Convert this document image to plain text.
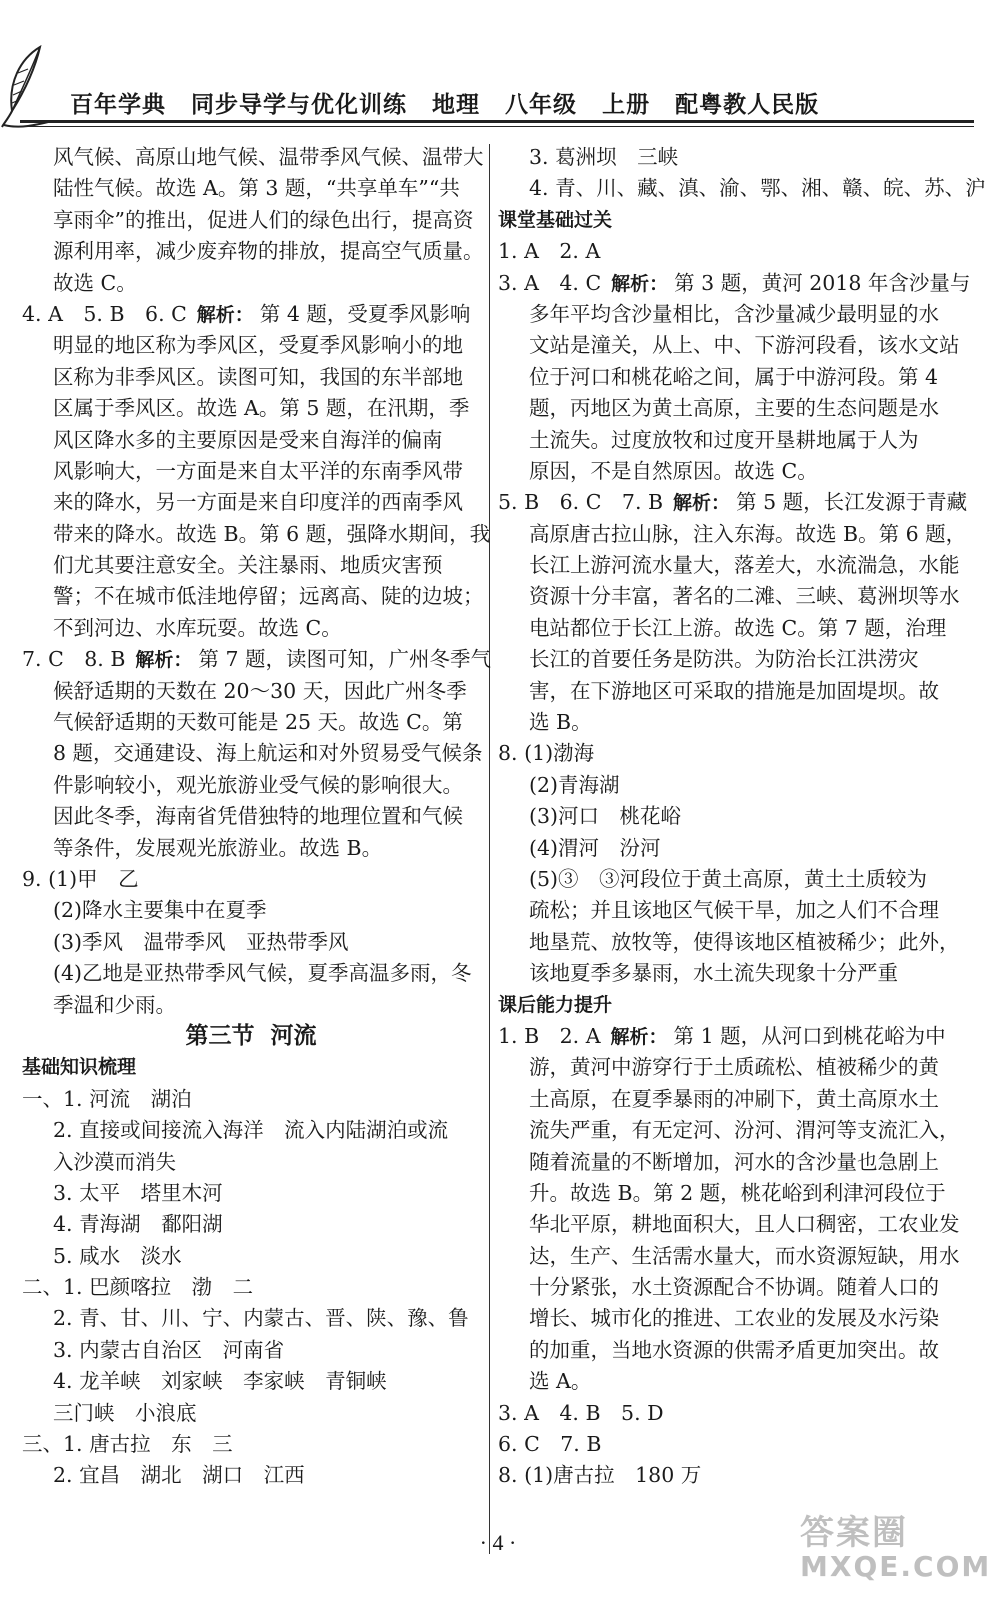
百年学典 同步导学与优化训练 地理 八年级 上册 配粤教人民版
风气候、高原山地气候、温带季风气候、温带大
陆性气候。故选 A。第 3 题，“共享单车”“共
享雨伞”的推出，促进人们的绿色出行，提高资
源利用率，减少废弃物的排放，提高空气质量。
故选 C。
4. A　5. B　6. C 解析： 第 4 题，受夏季风影响
明显的地区称为季风区，受夏季风影响小的地
区称为非季风区。读图可知，我国的东半部地
区属于季风区。故选 A。第 5 题，在汛期，季
风区降水多的主要原因是受来自海洋的偏南
风影响大，一方面是来自太平洋的东南季风带
来的降水，另一方面是来自印度洋的西南季风
带来的降水。故选 B。第 6 题，强降水期间，我
们尤其要注意安全。关注暴雨、地质灾害预
警；不在城市低洼地停留；远离高、陡的边坡；
不到河边、水库玩耍。故选 C。
7. C　8. B 解析： 第 7 题，读图可知，广州冬季气
候舒适期的天数在 20～30 天，因此广州冬季
气候舒适期的天数可能是 25 天。故选 C。第
8 题，交通建设、海上航运和对外贸易受气候条
件影响较小，观光旅游业受气候的影响很大。
因此冬季，海南省凭借独特的地理位置和气候
等条件，发展观光旅游业。故选 B。
9. (1)甲　乙
(2)降水主要集中在夏季
(3)季风　温带季风　亚热带季风
(4)乙地是亚热带季风气候，夏季高温多雨，冬
季温和少雨。
第三节 河流
基础知识梳理
一、1. 河流　湖泊
2. 直接或间接流入海洋　流入内陆湖泊或流
入沙漠而消失
3. 太平　塔里木河
4. 青海湖　鄱阳湖
5. 咸水　淡水
二、1. 巴颜喀拉　渤　二
2. 青、甘、川、宁、内蒙古、晋、陕、豫、鲁
3. 内蒙古自治区　河南省
4. 龙羊峡　刘家峡　李家峡　青铜峡
三门峡　小浪底
三、1. 唐古拉　东　三
2. 宜昌　湖北　湖口　江西
3. 葛洲坝　三峡
4. 青、川、藏、滇、渝、鄂、湘、赣、皖、苏、沪
课堂基础过关
1. A　2. A
3. A　4. C 解析： 第 3 题，黄河 2018 年含沙量与
多年平均含沙量相比，含沙量减少最明显的水
文站是潼关，从上、中、下游河段看，该水文站
位于河口和桃花峪之间，属于中游河段。第 4
题，丙地区为黄土高原，主要的生态问题是水
土流失。过度放牧和过度开垦耕地属于人为
原因，不是自然原因。故选 C。
5. B　6. C　7. B 解析： 第 5 题，长江发源于青藏
高原唐古拉山脉，注入东海。故选 B。第 6 题，
长江上游河流水量大，落差大，水流湍急，水能
资源十分丰富，著名的二滩、三峡、葛洲坝等水
电站都位于长江上游。故选 C。第 7 题，治理
长江的首要任务是防洪。为防治长江洪涝灾
害，在下游地区可采取的措施是加固堤坝。故
选 B。
8. (1)渤海
(2)青海湖
(3)河口　桃花峪
(4)渭河　汾河
(5)③　③河段位于黄土高原，黄土土质较为
疏松；并且该地区气候干旱，加之人们不合理
地垦荒、放牧等，使得该地区植被稀少；此外，
该地夏季多暴雨，水土流失现象十分严重
课后能力提升
1. B　2. A 解析： 第 1 题，从河口到桃花峪为中
游，黄河中游穿行于土质疏松、植被稀少的黄
土高原，在夏季暴雨的冲刷下，黄土高原水土
流失严重，有无定河、汾河、渭河等支流汇入，
随着流量的不断增加，河水的含沙量也急剧上
升。故选 B。第 2 题，桃花峪到利津河段位于
华北平原，耕地面积大，且人口稠密，工农业发
达，生产、生活需水量大，而水资源短缺，用水
十分紧张，水土资源配合不协调。随着人口的
增长、城市化的推进、工农业的发展及水污染
的加重，当地水资源的供需矛盾更加突出。故
选 A。
3. A　4. B　5. D
6. C　7. B
8. (1)唐古拉　180 万
· 4 ·	答案圈
MXQE.COM
